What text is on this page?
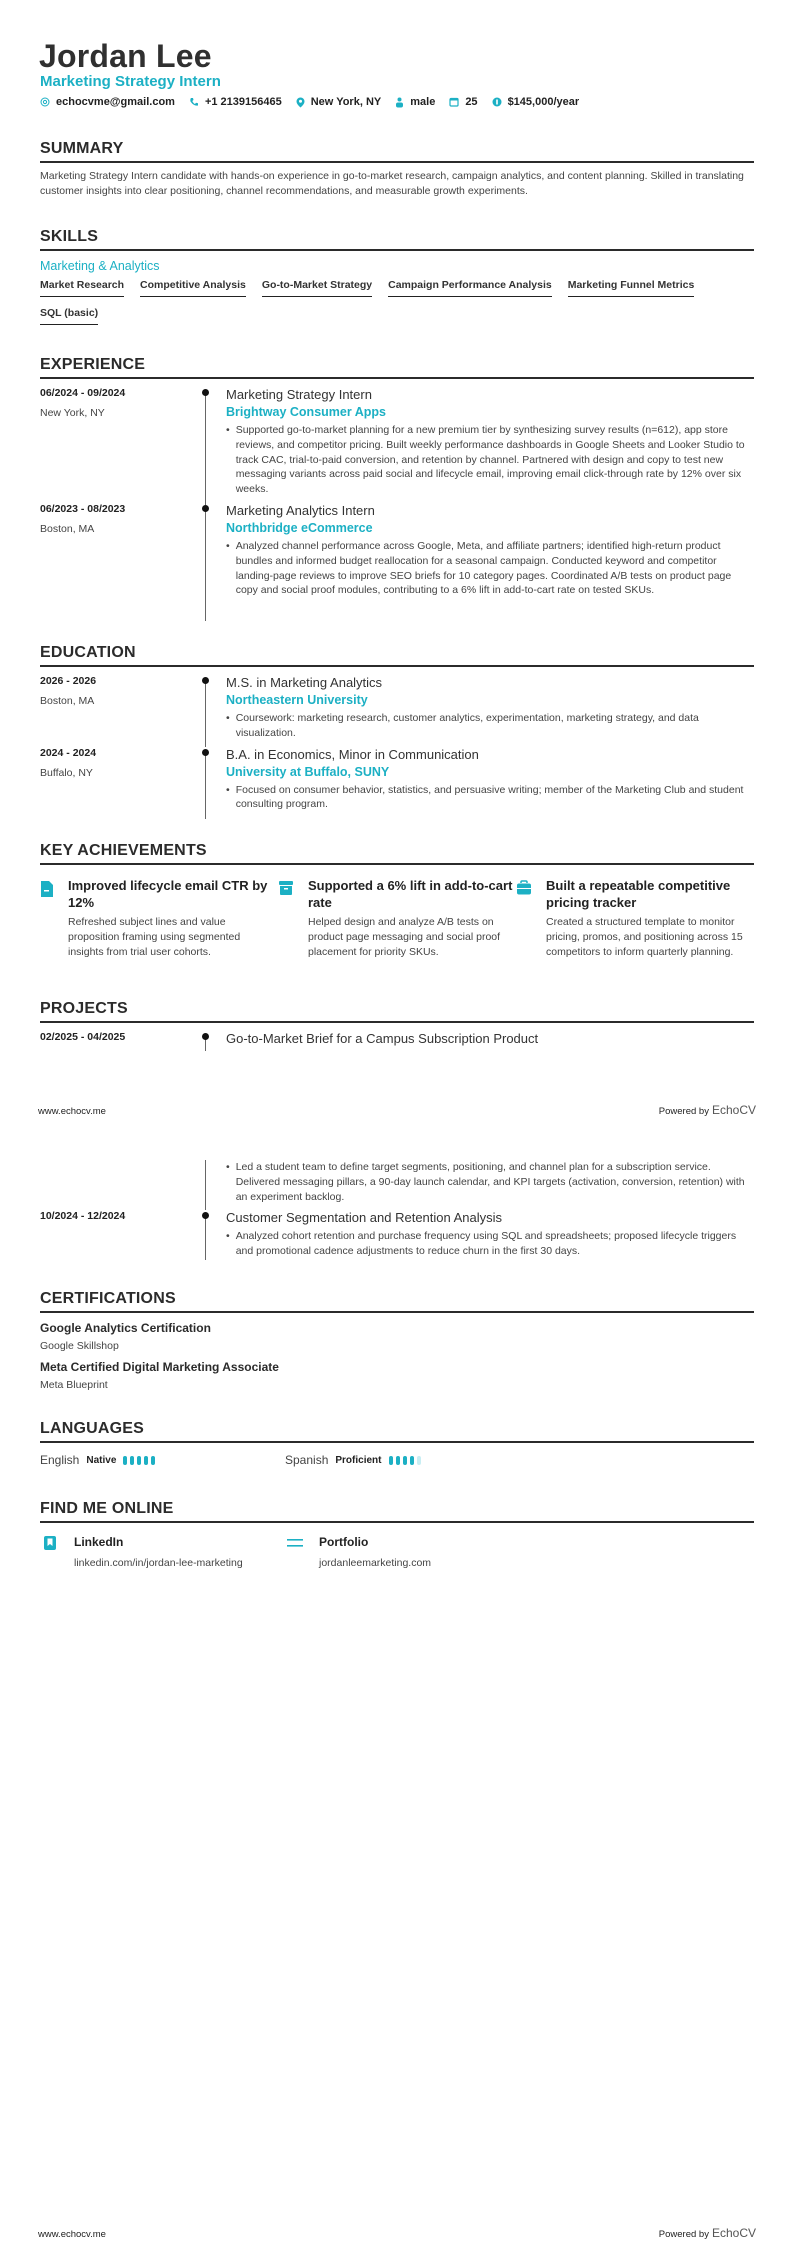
Jordan Lee
Marketing Strategy Intern
echocvme@gmail.com	+1 2139156465	New York, NY	male	25	$145,000/year
SUMMARY
Marketing Strategy Intern candidate with hands-on experience in go-to-market research, campaign analytics, and content planning. Skilled in translating customer insights into clear positioning, channel recommendations, and measurable growth experiments.
SKILLS
Marketing & Analytics
Market Research Competitive Analysis Go-to-Market Strategy Campaign Performance Analysis Marketing Funnel Metrics
SQL (basic)
EXPERIENCE
06/2024 - 09/2024
New York, NY
Marketing Strategy Intern
Brightway Consumer Apps
• Supported go-to-market planning for a new premium tier by synthesizing survey results (n=612), app store reviews, and competitor pricing. Built weekly performance dashboards in Google Sheets and Looker Studio to track CAC, trial-to-paid conversion, and retention by channel. Partnered with design and copy to test new messaging variants across paid social and lifecycle email, improving email click-through rate by 12% over six weeks.
06/2023 - 08/2023
Boston, MA
Marketing Analytics Intern
Northbridge eCommerce
• Analyzed channel performance across Google, Meta, and affiliate partners; identified high-return product bundles and informed budget reallocation for a seasonal campaign. Conducted keyword and competitor landing-page reviews to improve SEO briefs for 10 category pages. Coordinated A/B tests on product page copy and social proof modules, contributing to a 6% lift in add-to-cart rate on tested SKUs.
EDUCATION
2026 - 2026
Boston, MA
M.S. in Marketing Analytics
Northeastern University
• Coursework: marketing research, customer analytics, experimentation, marketing strategy, and data visualization.
2024 - 2024
Buffalo, NY
B.A. in Economics, Minor in Communication
University at Buffalo, SUNY
• Focused on consumer behavior, statistics, and persuasive writing; member of the Marketing Club and student consulting program.
KEY ACHIEVEMENTS
Improved lifecycle email CTR by 12%
Refreshed subject lines and value proposition framing using segmented insights from trial user cohorts.
Supported a 6% lift in add-to-cart rate
Helped design and analyze A/B tests on product page messaging and social proof placement for priority SKUs.
Built a repeatable competitive pricing tracker
Created a structured template to monitor pricing, promos, and positioning across 15 competitors to inform quarterly planning.
PROJECTS
02/2025 - 04/2025	Go-to-Market Brief for a Campus Subscription Product
www.echocv.me	Powered by EchoCV
• Led a student team to define target segments, positioning, and channel plan for a subscription service. Delivered messaging pillars, a 90-day launch calendar, and KPI targets (activation, conversion, retention) with an experiment backlog.
10/2024 - 12/2024	Customer Segmentation and Retention Analysis
• Analyzed cohort retention and purchase frequency using SQL and spreadsheets; proposed lifecycle triggers and promotional cadence adjustments to reduce churn in the first 30 days.
CERTIFICATIONS
Google Analytics Certification
Google Skillshop
Meta Certified Digital Marketing Associate
Meta Blueprint
LANGUAGES
English Native	Spanish Proficient
FIND ME ONLINE
LinkedIn
linkedin.com/in/jordan-lee-marketing
Portfolio
jordanleemarketing.com
www.echocv.me	Powered by EchoCV
